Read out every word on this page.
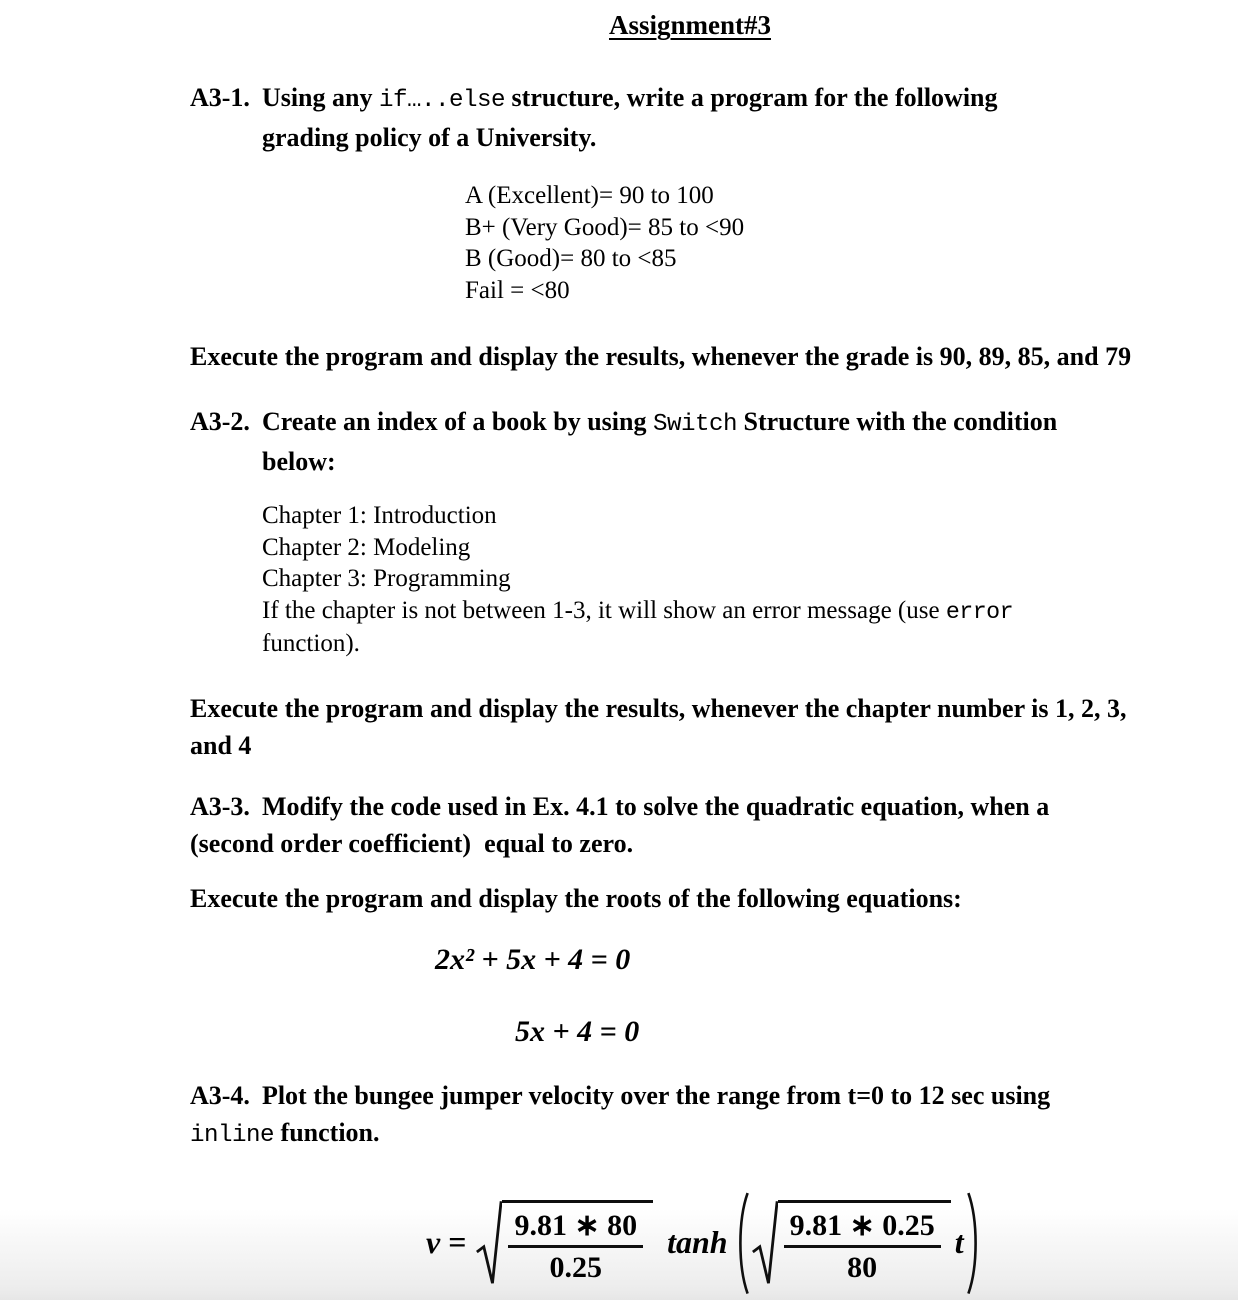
Assignment#3
A3-1. Using any if…..else structure, write a program for the following
grading policy of a University.
A (Excellent)= 90 to 100
B+ (Very Good)= 85 to <90
B (Good)= 80 to <85
Fail = <80
Execute the program and display the results, whenever the grade is 90, 89, 85, and 79
A3-2. Create an index of a book by using Switch Structure with the condition
below:
Chapter 1: Introduction
Chapter 2: Modeling
Chapter 3: Programming
If the chapter is not between 1-3, it will show an error message (use error
function).
Execute the program and display the results, whenever the chapter number is 1, 2, 3,
and 4
A3-3. Modify the code used in Ex. 4.1 to solve the quadratic equation, when a
(second order coefficient)  equal to zero.
Execute the program and display the roots of the following equations:
2x² + 5x + 4 = 0
5x + 4 = 0
A3-4. Plot the bungee jumper velocity over the range from t=0 to 12 sec using
inline function.
$v = \frac{9.81 ∗ 80}{0.25}$ $\tanh \frac{9.81 ∗ 0.25}{80}$ t
